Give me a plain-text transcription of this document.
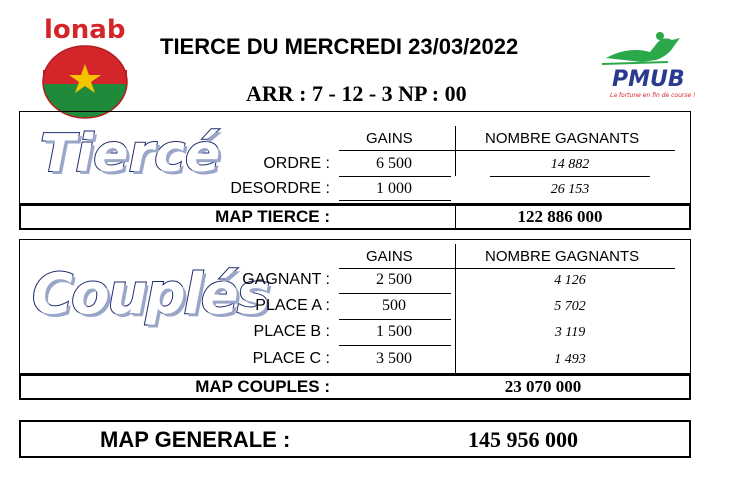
lonab
TIERCE DU MERCREDI 23/03/2022
ARR : 7 - 12 - 3 NP : 00
PMUB
La fortune en fin de course !
Tiercé	GAINS	NOMBRE GAGNANTS
ORDRE :	6 500	14 882
DESORDRE :	1 000	26 153
MAP TIERCE :	122 886 000
Couplés
GAINS	NOMBRE GAGNANTS
GAGNANT :	2 500	4 126
PLACE A :	500	5 702
PLACE B :	1 500	3 119
PLACE C :	3 500	1 493
MAP COUPLES :	23 070 000
MAP GENERALE :	145 956 000
